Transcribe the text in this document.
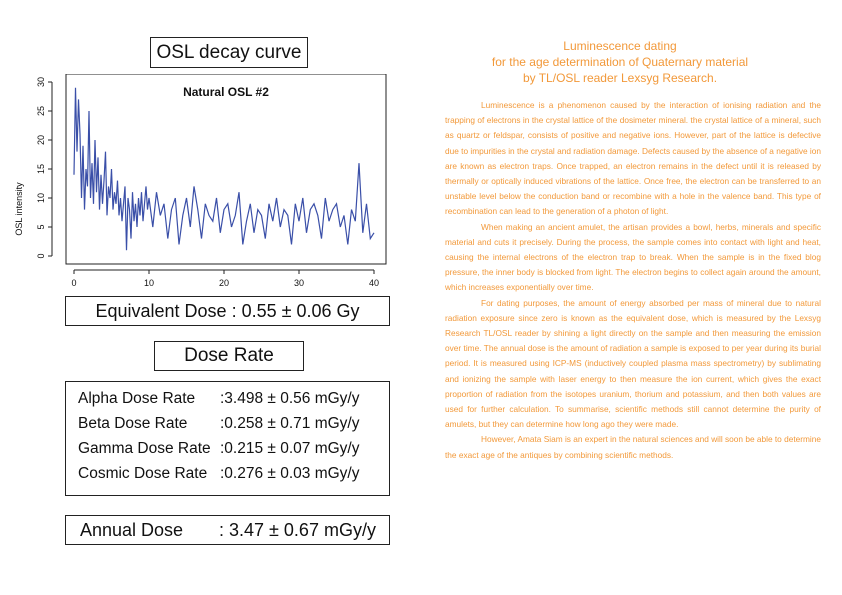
OSL decay curve
Natural OSL #2
OSL intensity
0
5
10
15
20
25
30
0	10	20	30	40
Equivalent Dose
: 0.55 ± 0.06 Gy
Dose Rate
Alpha Dose Rate :3.498 ± 0.56 mGy/y
Beta Dose Rate :0.258 ± 0.71 mGy/y
Gamma Dose Rate :0.215 ± 0.07 mGy/y
Cosmic Dose Rate :0.276 ± 0.03 mGy/y
Annual Dose : 3.47 ± 0.67 mGy/y
Luminescence dating
for the age determination of Quaternary material
by TL/OSL reader Lexsyg Research.

Luminescence is a phenomenon caused by the interaction of ionising radiation and the trapping of electrons in the crystal lattice of the dosimeter mineral. the crystal lattice of a mineral, such as quartz or feldspar, consists of positive and negative ions. However, part of the lattice is defective due to impurities in the crystal and radiation damage. Defects caused by the absence of a negative ion are known as electron traps. Once trapped, an electron remains in the defect until it is released by thermally or optically induced vibrations of the lattice. Once free, the electron can be transferred to an unstable level below the conduction band or recombine with a hole in the valence band. This type of recombination can lead to the generation of a photon of light.

When making an ancient amulet, the artisan provides a bowl, herbs, minerals and specific material and cuts it precisely. During the process, the sample comes into contact with light and heat, causing the internal electrons of the electron trap to break. When the sample is in the fixed blog pressure, the inner body is blocked from light. The electron begins to collect again around the amount, which increases exponentially over time.

For dating purposes, the amount of energy absorbed per mass of mineral due to natural radiation exposure since zero is known as the equivalent dose, which is measured by the Lexsyg Research TL/OSL reader by shining a light directly on the sample and then measuring the emission over time. The annual dose is the amount of radiation a sample is exposed to per year during its burial period. It is measured using ICP-MS (inductively coupled plasma mass spectrometry) by sublimating and ionizing the sample with laser energy to then measure the ion current, which gives the exact proportion of radiation from the isotopes uranium, thorium and potassium, and then both values are used for further calculation. To summarise, scientific methods still cannot determine the purity of amulets, but they can determine how long ago they were made.

However, Amata Siam is an expert in the natural sciences and will soon be able to determine the exact age of the antiques by combining scientific methods.
